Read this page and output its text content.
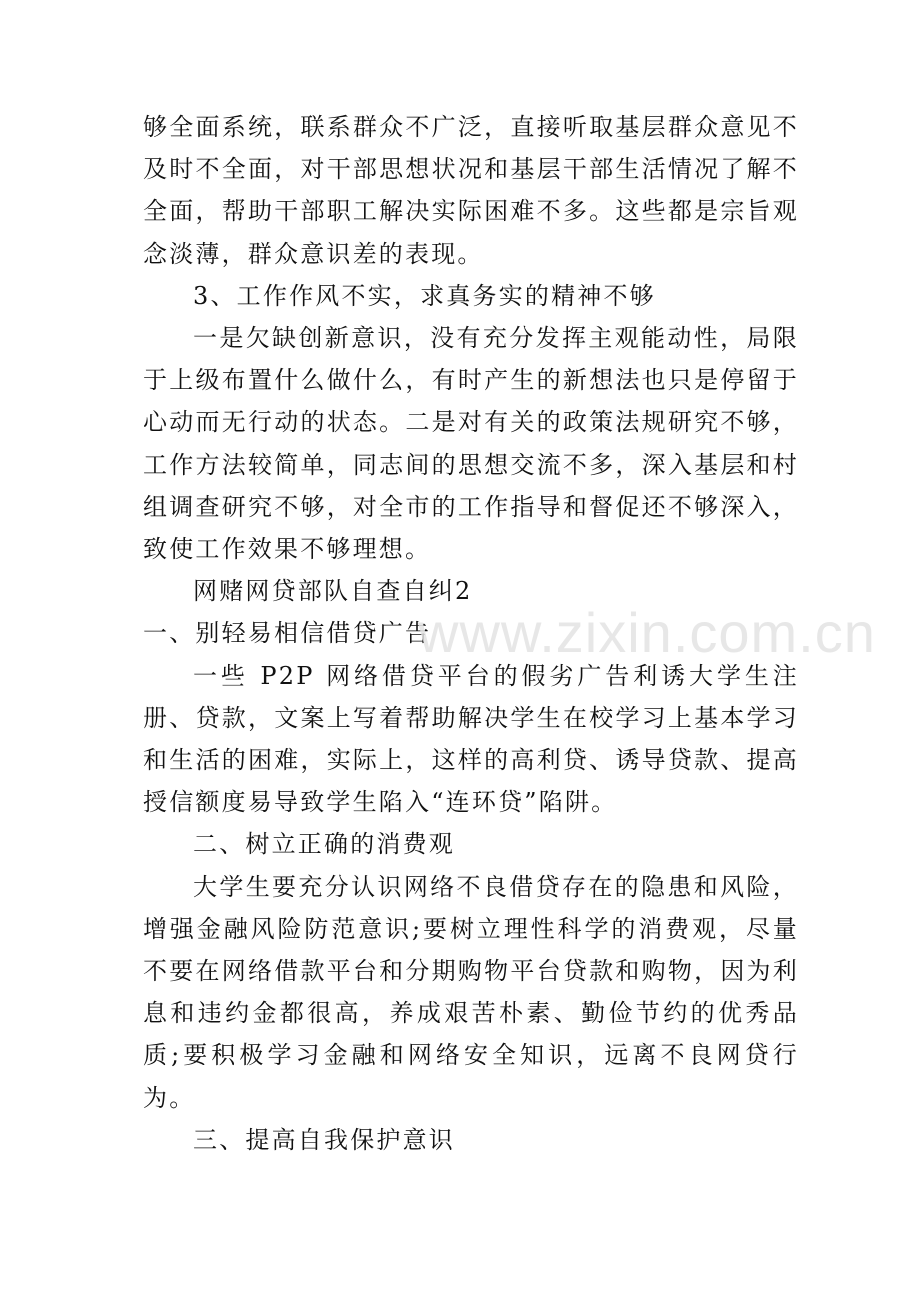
够全面系统，联系群众不广泛，直接听取基层群众意见不及时不全面，对干部思想状况和基层干部生活情况了解不全面，帮助干部职工解决实际困难不多。这些都是宗旨观念淡薄，群众意识差的表现。

3、工作作风不实，求真务实的精神不够

一是欠缺创新意识，没有充分发挥主观能动性，局限于上级布置什么做什么，有时产生的新想法也只是停留于心动而无行动的状态。二是对有关的政策法规研究不够，工作方法较简单，同志间的思想交流不多，深入基层和村组调查研究不够，对全市的工作指导和督促还不够深入，致使工作效果不够理想。

网赌网贷部队自查自纠2

一、别轻易相信借贷广告

一些 P2P 网络借贷平台的假劣广告利诱大学生注册、贷款，文案上写着帮助解决学生在校学习上基本学习和生活的困难，实际上，这样的高利贷、诱导贷款、提高授信额度易导致学生陷入“连环贷”陷阱。

二、树立正确的消费观

大学生要充分认识网络不良借贷存在的隐患和风险，增强金融风险防范意识;要树立理性科学的消费观，尽量不要在网络借款平台和分期购物平台贷款和购物，因为利息和违约金都很高，养成艰苦朴素、勤俭节约的优秀品质;要积极学习金融和网络安全知识，远离不良网贷行为。

三、提高自我保护意识

www.zixin.com.cn
